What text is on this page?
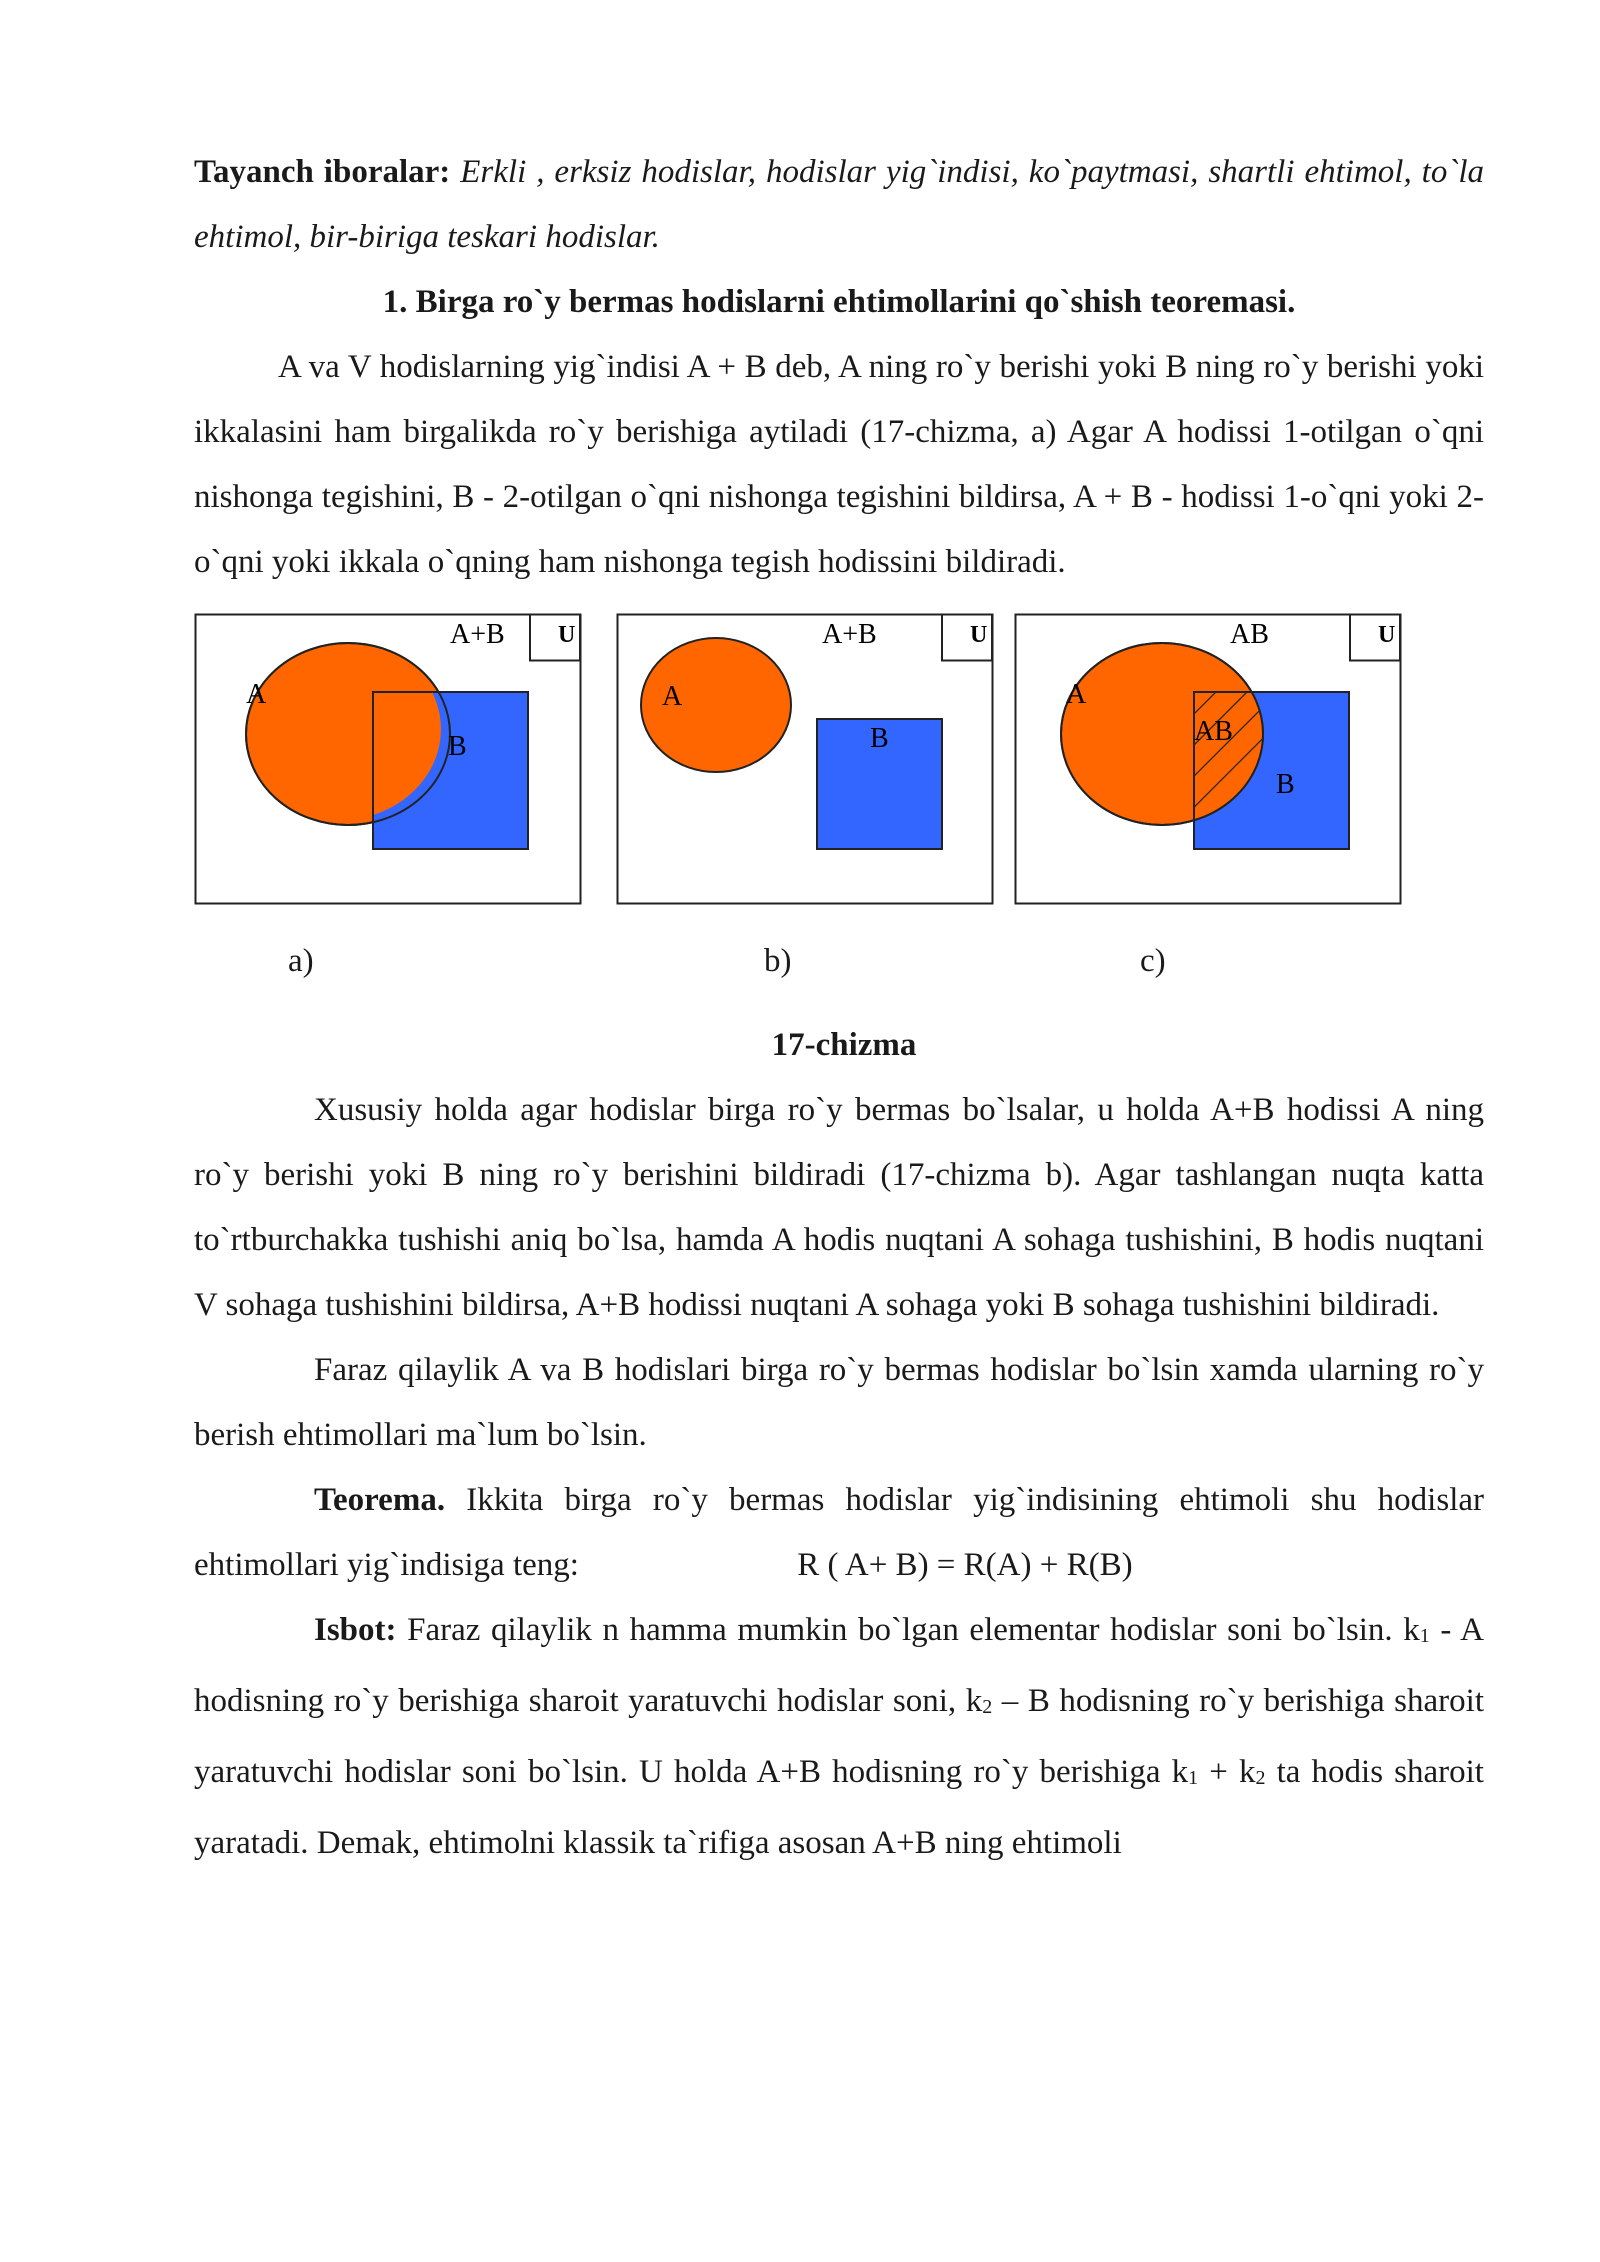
Tayanch iboralar: Erkli , erksiz hodislar, hodislar yig`indisi, ko`paytmasi, shartli ehtimol, to`la ehtimol, bir-biriga teskari hodislar.

1. Birga ro`y bermas hodislarni ehtimollarini qo`shish teoremasi.

A va V hodislarning yig`indisi A + B deb, A ning ro`y berishi yoki B ning ro`y berishi yoki ikkalasini ham birgalikda ro`y berishiga aytiladi (17-chizma, a) Agar A hodissi 1-otilgan o`qni nishonga tegishini, B - 2-otilgan o`qni nishonga tegishini bildirsa, A + B - hodissi 1-o`qni yoki 2-o`qni yoki ikkala o`qning ham nishonga tegish hodissini bildiradi.

A+B U
A
B
A+B	U
A
B
AB	U
A
AB
B
a)	b)	c)
17-chizma

Xususiy holda agar hodislar birga ro`y bermas bo`lsalar, u holda A+B hodissi A ning ro`y berishi yoki B ning ro`y berishini bildiradi (17-chizma b). Agar tashlangan nuqta katta to`rtburchakka tushishi aniq bo`lsa, hamda A hodis nuqtani A sohaga tushishini, B hodis nuqtani V sohaga tushishini bildirsa, A+B hodissi nuqtani A sohaga yoki B sohaga tushishini bildiradi.

Faraz qilaylik A va B hodislari birga ro`y bermas hodislar bo`lsin xamda ularning ro`y berish ehtimollari ma`lum bo`lsin.

Teorema. Ikkita birga ro`y bermas hodislar yig`indisining ehtimoli shu hodislar ehtimollari yig`indisiga teng:	R ( A+ B) = R(A) + R(B)

Isbot: Faraz qilaylik n hamma mumkin bo`lgan elementar hodislar soni bo`lsin. $k_1$ - A hodisning ro`y berishiga sharoit yaratuvchi hodislar soni, $k_2$ – B hodisning ro`y berishiga sharoit yaratuvchi hodislar soni bo`lsin. U holda A+B hodisning ro`y berishiga $k_1 + k_2$ ta hodis sharoit yaratadi. Demak, ehtimolni klassik ta`rifiga asosan A+B ning ehtimoli
